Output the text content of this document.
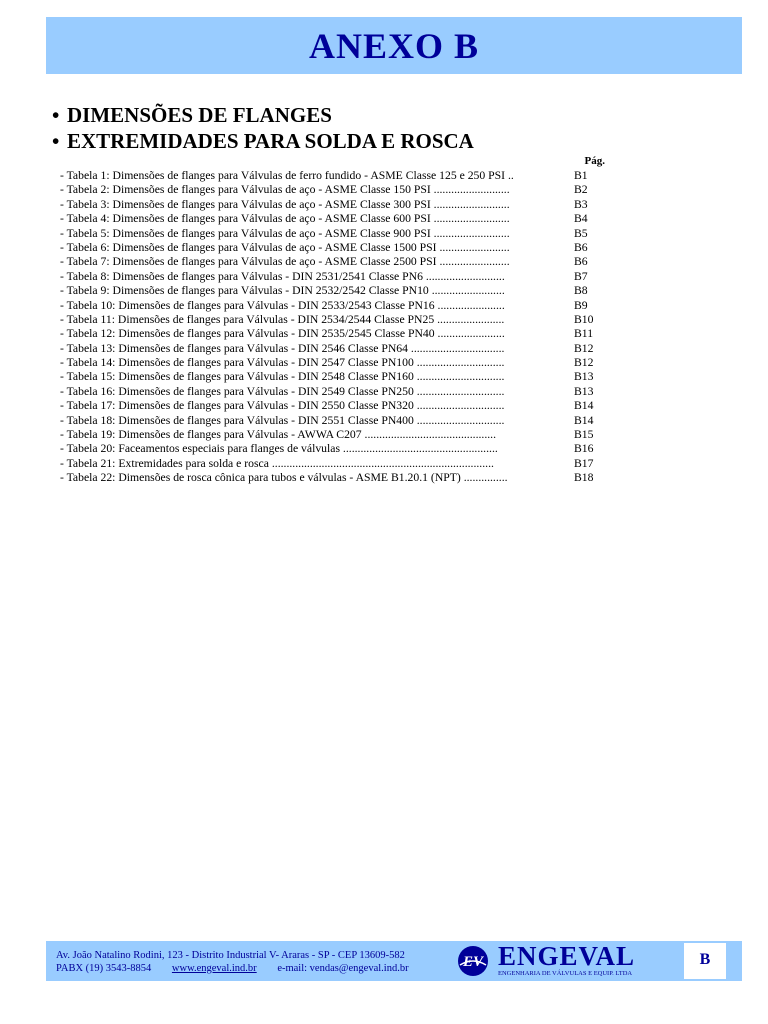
ANEXO B
• DIMENSÕES DE FLANGES
• EXTREMIDADES PARA SOLDA E ROSCA
Pág.
- Tabela 1: Dimensões de flanges para Válvulas de ferro fundido - ASME Classe 125 e 250 PSI ..	B1
- Tabela 2: Dimensões de flanges para Válvulas de aço - ASME Classe 150 PSI ..........................	B2
- Tabela 3: Dimensões de flanges para Válvulas de aço - ASME Classe 300 PSI ..........................	B3
- Tabela 4: Dimensões de flanges para Válvulas de aço - ASME Classe 600 PSI ..........................	B4
- Tabela 5: Dimensões de flanges para Válvulas de aço - ASME Classe 900 PSI ..........................	B5
- Tabela 6: Dimensões de flanges para Válvulas de aço - ASME Classe 1500 PSI ........................	B6
- Tabela 7: Dimensões de flanges para Válvulas de aço - ASME Classe 2500 PSI ........................	B6
- Tabela 8: Dimensões de flanges para Válvulas - DIN 2531/2541 Classe PN6 ...........................	B7
- Tabela 9: Dimensões de flanges para Válvulas - DIN 2532/2542 Classe PN10 .........................	B8
- Tabela 10: Dimensões de flanges para Válvulas - DIN 2533/2543 Classe PN16 .......................	B9
- Tabela 11: Dimensões de flanges para Válvulas - DIN 2534/2544 Classe PN25 .......................	B10
- Tabela 12: Dimensões de flanges para Válvulas - DIN 2535/2545 Classe PN40 .......................	B11
- Tabela 13: Dimensões de flanges para Válvulas - DIN 2546 Classe PN64 ................................	B12
- Tabela 14: Dimensões de flanges para Válvulas - DIN 2547 Classe PN100 ..............................	B12
- Tabela 15: Dimensões de flanges para Válvulas - DIN 2548 Classe PN160 ..............................	B13
- Tabela 16: Dimensões de flanges para Válvulas - DIN 2549 Classe PN250 ..............................	B13
- Tabela 17: Dimensões de flanges para Válvulas - DIN 2550 Classe PN320 ..............................	B14
- Tabela 18: Dimensões de flanges para Válvulas - DIN 2551 Classe PN400 ..............................	B14
- Tabela 19: Dimensões de flanges para Válvulas - AWWA C207 .............................................	B15
- Tabela 20: Faceamentos especiais para flanges de válvulas .....................................................	B16
- Tabela 21: Extremidades para solda e rosca ............................................................................	B17
- Tabela 22: Dimensões de rosca cônica para tubos e válvulas - ASME B1.20.1 (NPT) ...............	B18
Av. João Natalino Rodini, 123 - Distrito Industrial V- Araras - SP - CEP 13609-582
PABX (19) 3543-8854 www.engeval.ind.br e-mail: vendas@engeval.ind.br	EV ENGEVAL
ENGENHARIA DE VÁLVULAS E EQUIP. LTDA
B
